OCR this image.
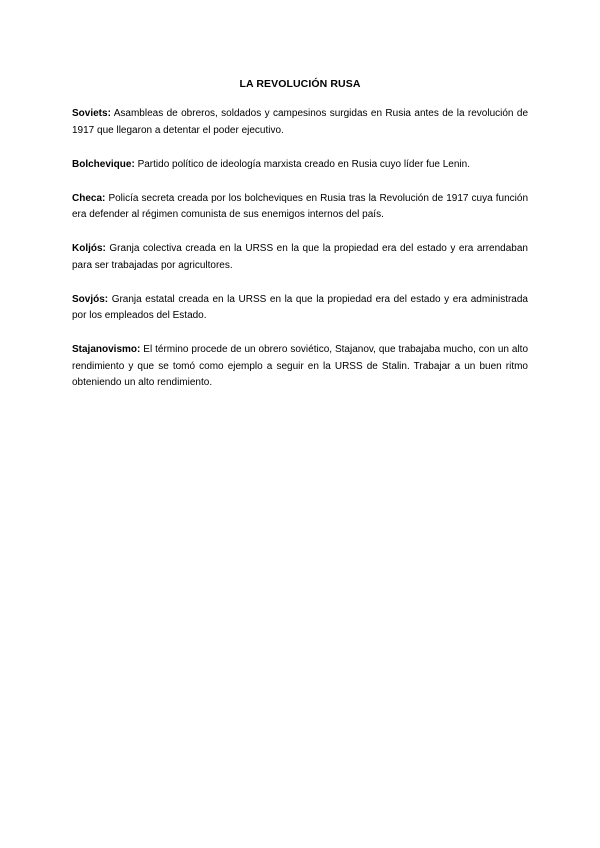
LA REVOLUCIÓN RUSA

Soviets: Asambleas de obreros, soldados y campesinos surgidas en Rusia antes de la revolución de 1917 que llegaron a detentar el poder ejecutivo.

Bolchevique: Partido político de ideología marxista creado en Rusia cuyo líder fue Lenin.

Checa: Policía secreta creada por los bolcheviques en Rusia tras la Revolución de 1917 cuya función era defender al régimen comunista de sus enemigos internos del país.

Koljós: Granja colectiva creada en la URSS en la que la propiedad era del estado y era arrendaban para ser trabajadas por agricultores.

Sovjós: Granja estatal creada en la URSS en la que la propiedad era del estado y era administrada por los empleados del Estado.

Stajanovismo: El término procede de un obrero soviético, Stajanov, que trabajaba mucho, con un alto rendimiento y que se tomó como ejemplo a seguir en la URSS de Stalin. Trabajar a un buen ritmo obteniendo un alto rendimiento.
